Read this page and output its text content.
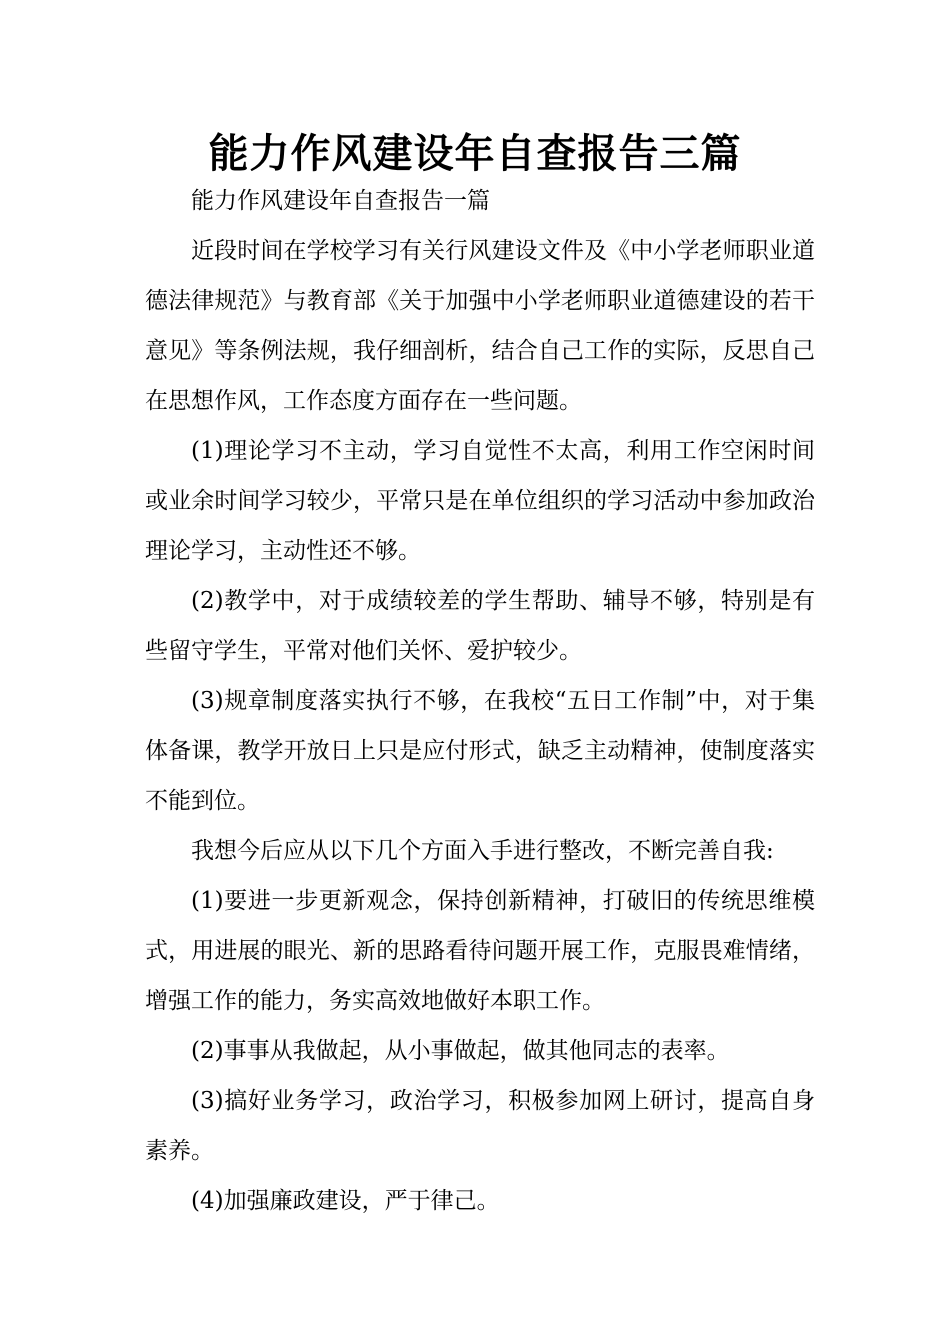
能力作风建设年自查报告三篇

能力作风建设年自查报告一篇

近段时间在学校学习有关行风建设文件及《中小学老师职业道德法律规范》与教育部《关于加强中小学老师职业道德建设的若干意见》等条例法规，我仔细剖析，结合自己工作的实际，反思自己在思想作风，工作态度方面存在一些问题。

(1)理论学习不主动，学习自觉性不太高，利用工作空闲时间或业余时间学习较少，平常只是在单位组织的学习活动中参加政治理论学习，主动性还不够。

(2)教学中，对于成绩较差的学生帮助、辅导不够，特别是有些留守学生，平常对他们关怀、爱护较少。

(3)规章制度落实执行不够，在我校“五日工作制”中，对于集体备课，教学开放日上只是应付形式，缺乏主动精神，使制度落实不能到位。

我想今后应从以下几个方面入手进行整改，不断完善自我:

(1)要进一步更新观念，保持创新精神，打破旧的传统思维模式，用进展的眼光、新的思路看待问题开展工作，克服畏难情绪，增强工作的能力，务实高效地做好本职工作。

(2)事事从我做起，从小事做起，做其他同志的表率。

(3)搞好业务学习，政治学习，积极参加网上研讨，提高自身素养。

(4)加强廉政建设，严于律己。
